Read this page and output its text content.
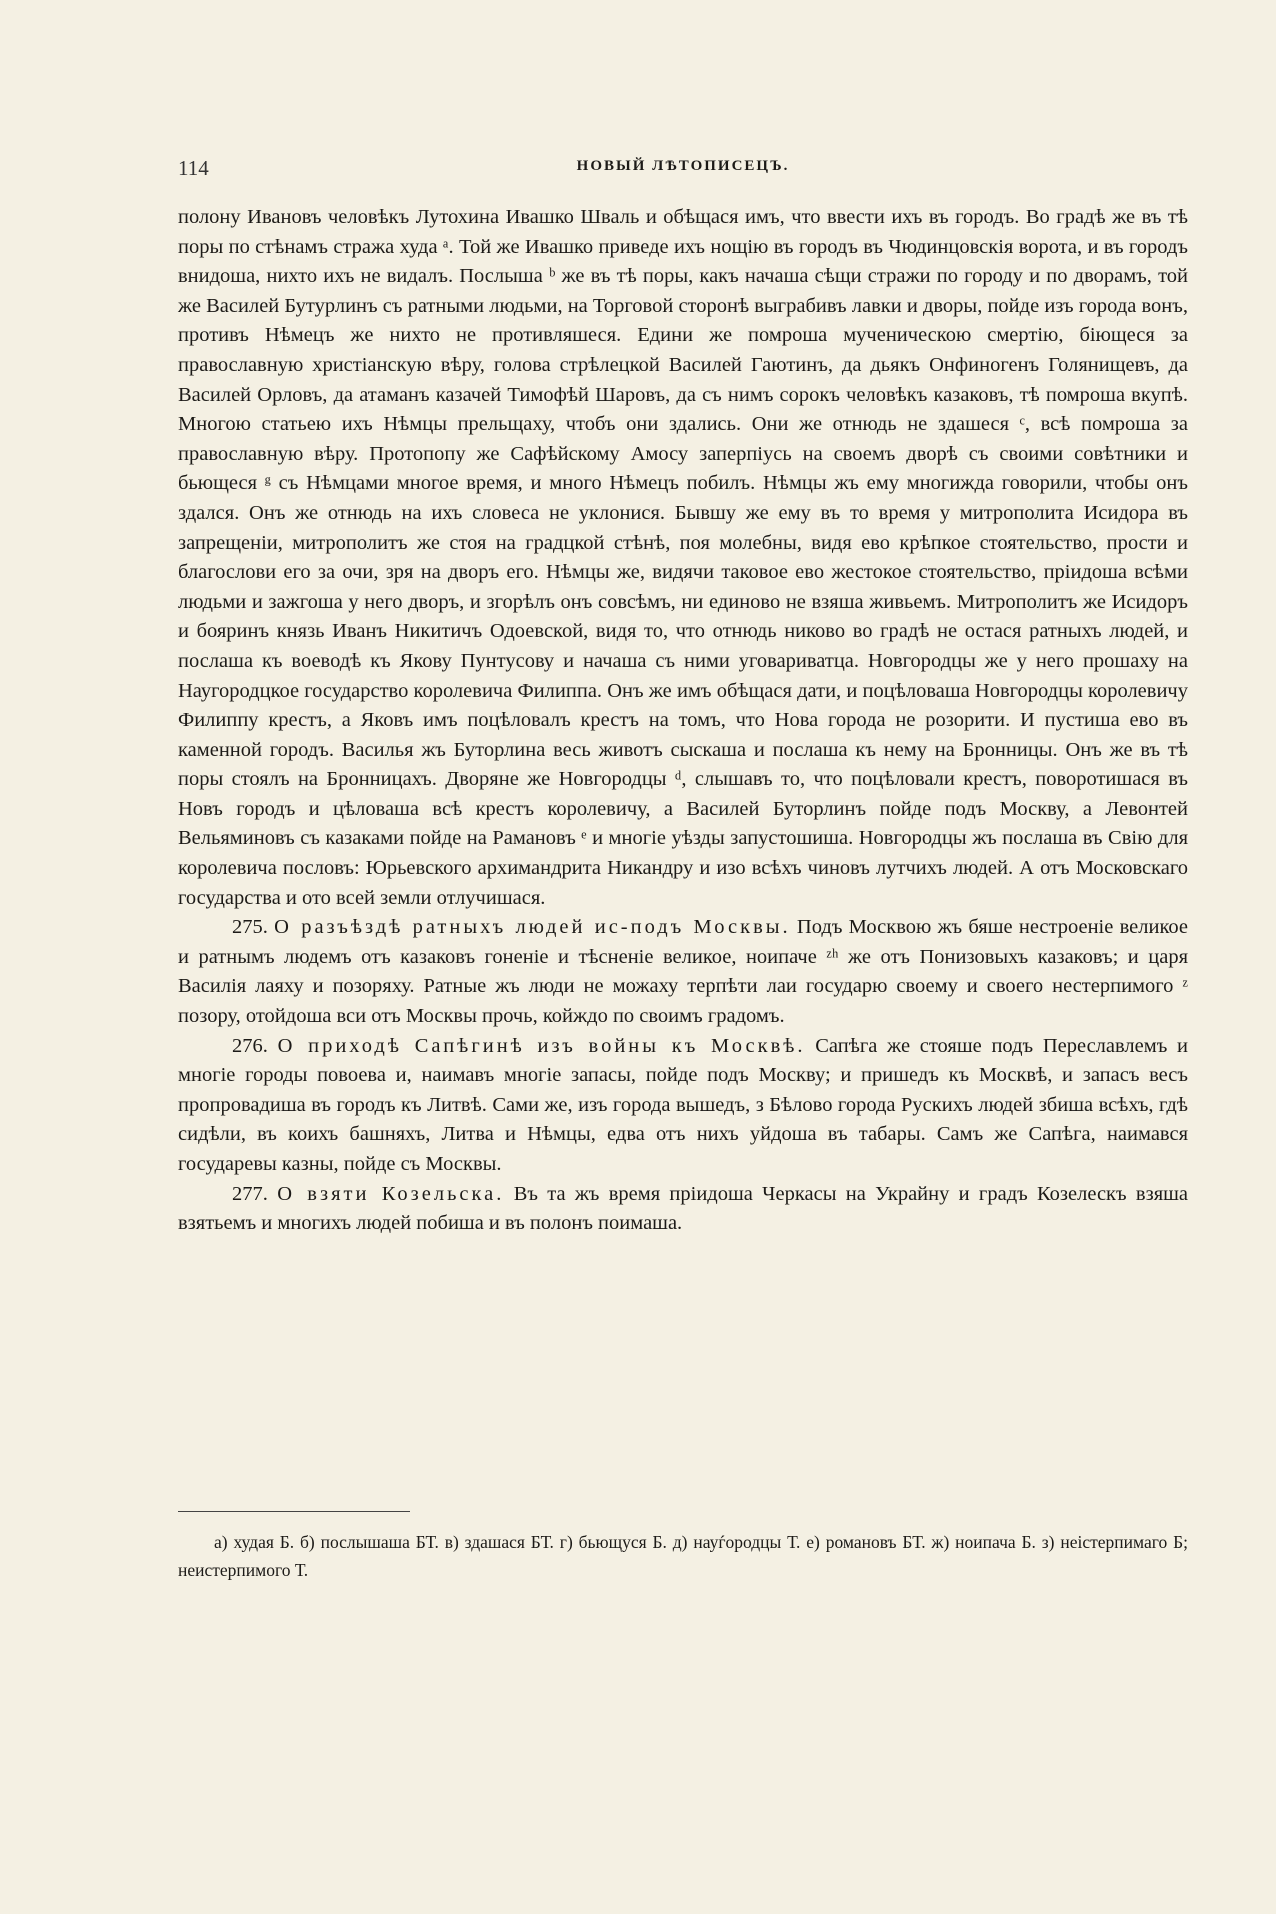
114	НОВЫЙ ЛѢТОПИСЕЦЪ.

полону Ивановъ человѣкъ Лутохина Ивашко Шваль и обѣщася имъ, что ввести ихъ въ городъ. Во градѣ же въ тѣ поры по стѣнамъ стража худа ᵃ. Той же Ивашко приведе ихъ нощію въ городъ въ Чюдинцовскія ворота, и въ городъ внидоша, нихто ихъ не видалъ. Послыша ᵇ же въ тѣ поры, какъ начаша сѣщи стражи по городу и по дворамъ, той же Василей Бутурлинъ съ ратными людьми, на Торговой сторонѣ выграбивъ лавки и дворы, пойде изъ города вонъ, противъ Нѣмецъ же нихто не противляшеся. Едини же помроша мученическою смертію, біющеся за православную христіанскую вѣру, голова стрѣлецкой Василей Гаютинъ, да дьякъ Онфиногенъ Голянищевъ, да Василей Орловъ, да атаманъ казачей Тимофѣй Шаровъ, да съ нимъ сорокъ человѣкъ казаковъ, тѣ помроша вкупѣ. Многою статьею ихъ Нѣмцы прельщаху, чтобъ они здались. Они же отнюдь не здашеся ᶜ, всѣ помроша за православную вѣру. Протопопу же Сафѣйскому Амосу заперпіусь на своемъ дворѣ съ своими совѣтники и бьющеся ᵍ съ Нѣмцами многое время, и много Нѣмецъ побилъ. Нѣмцы жъ ему многижда говорили, чтобы онъ здался. Онъ же отнюдь на ихъ словеса не уклонися. Бывшу же ему въ то время у митрополита Исидора въ запрещеніи, митрополитъ же стоя на градцкой стѣнѣ, поя молебны, видя ево крѣпкое стоятельство, прости и благослови его за очи, зря на дворъ его. Нѣмцы же, видячи таковое ево жестокое стоятельство, пріидоша всѣми людьми и зажгоша у него дворъ, и згорѣлъ онъ совсѣмъ, ни единово не взяша живьемъ. Митрополитъ же Исидоръ и бояринъ князь Иванъ Никитичъ Одоевской, видя то, что отнюдь никово во градѣ не остася ратныхъ людей, и послаша къ воеводѣ къ Якову Пунтусову и начаша съ ними уговариватца. Новгородцы же у него прошаху на Наугородцкое государство королевича Филиппа. Онъ же имъ обѣщася дати, и поцѣловаша Новгородцы королевичу Филиппу крестъ, а Яковъ имъ поцѣловалъ крестъ на томъ, что Нова города не розорити. И пустиша ево въ каменной городъ. Василья жъ Буторлина весь животъ сыскаша и послаша къ нему на Бронницы. Онъ же въ тѣ поры стоялъ на Бронницахъ. Дворяне же Новгородцы ᵈ, слышавъ то, что поцѣловали крестъ, поворотишася въ Новъ городъ и цѣловаша всѣ крестъ королевичу, а Василей Буторлинъ пойде подъ Москву, а Левонтей Вельяминовъ съ казаками пойде на Рамановъ ᵉ и многіе уѣзды запустошиша. Новгородцы жъ послаша въ Свію для королевича пословъ: Юрьевского архимандрита Никандру и изо всѣхъ чиновъ лутчихъ людей. А отъ Московскаго государства и ото всей земли отлучишася.

275. О разъѣздѣ ратныхъ людей ис-подъ Москвы. Подъ Москвою жъ бяше нестроеніе великое и ратнымъ людемъ отъ казаковъ гоненіе и тѣсненіе великое, ноипаче ᶻʰ же отъ Понизовыхъ казаковъ; и царя Василія лаяху и позоряху. Ратные жъ люди не можаху терпѣти лаи государю своему и своего нестерпимого ᶻ позору, отойдоша вси отъ Москвы прочь, койждо по своимъ градомъ.

276. О приходѣ Сапѣгинѣ изъ войны къ Москвѣ. Сапѣга же стояше подъ Переславлемъ и многіе городы повоева и, наимавъ многіе запасы, пойде подъ Москву; и пришедъ къ Москвѣ, и запасъ весъ пропровадиша въ городъ къ Литвѣ. Сами же, изъ города вышедъ, з Бѣлово города Рускихъ людей збиша всѣхъ, гдѣ сидѣли, въ коихъ башняхъ, Литва и Нѣмцы, едва отъ нихъ уйдоша въ табары. Самъ же Сапѣга, наимався государевы казны, пойде съ Москвы.

277. О взяти Козельска. Въ та жъ время пріидоша Черкасы на Украйну и градъ Козелескъ взяша взятьемъ и многихъ людей побиша и въ полонъ поимаша.

а) худая Б. б) послышаша БТ. в) здашася БТ. г) бьющуся Б. д) науѓородцы Т. е) романовъ БТ. ж) ноипача Б. з) неістерпимаго Б; неистерпимого Т.
